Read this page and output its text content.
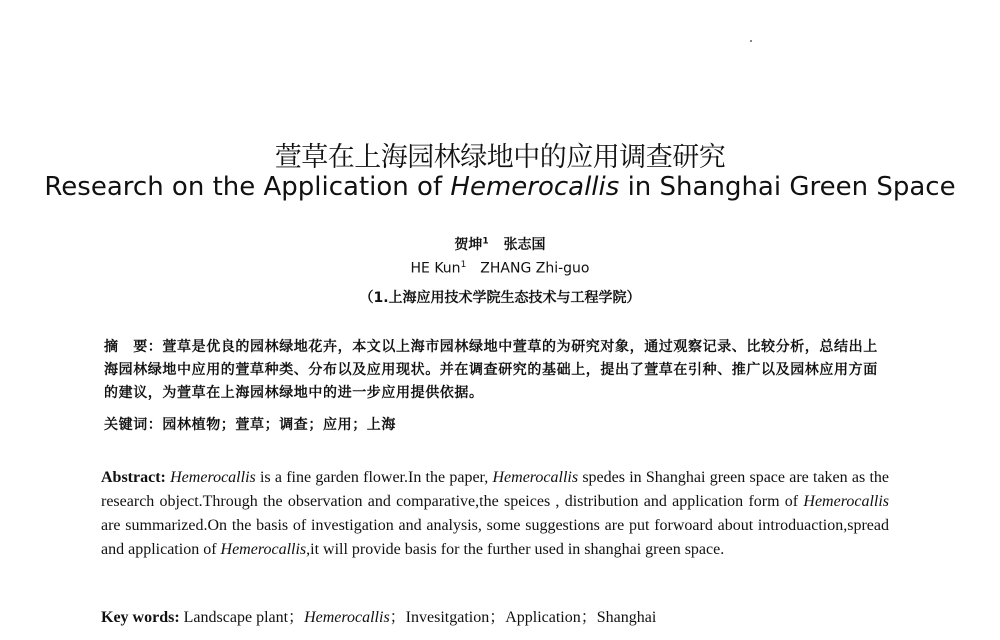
萱草在上海园林绿地中的应用调查研究
Research on the Application of Hemerocallis in Shanghai Green Space
贺坤$^1$ 张志国
HE Kun$^1$ ZHANG Zhi-guo
（1.上海应用技术学院生态技术与工程学院）
摘　要：萱草是优良的园林绿地花卉，本文以上海市园林绿地中萱草的为研究对象，通过观察记录、比较分析，总结出上海园林绿地中应用的萱草种类、分布以及应用现状。并在调查研究的基础上，提出了萱草在引种、推广以及园林应用方面的建议，为萱草在上海园林绿地中的进一步应用提供依据。
关键词：园林植物；萱草；调查；应用；上海
Abstract: Hemerocallis is a fine garden flower.In the paper, Hemerocallis spedes in Shanghai green space are taken as the research object.Through the observation and comparative,the speices , distribution and application form of Hemerocallis are summarized.On the basis of investigation and analysis, some suggestions are put forwoard about introduaction,spread and application of Hemerocallis,it will provide basis for the further used in shanghai green space.
Key words: Landscape plant；Hemerocallis；Invesitgation；Application；Shanghai
